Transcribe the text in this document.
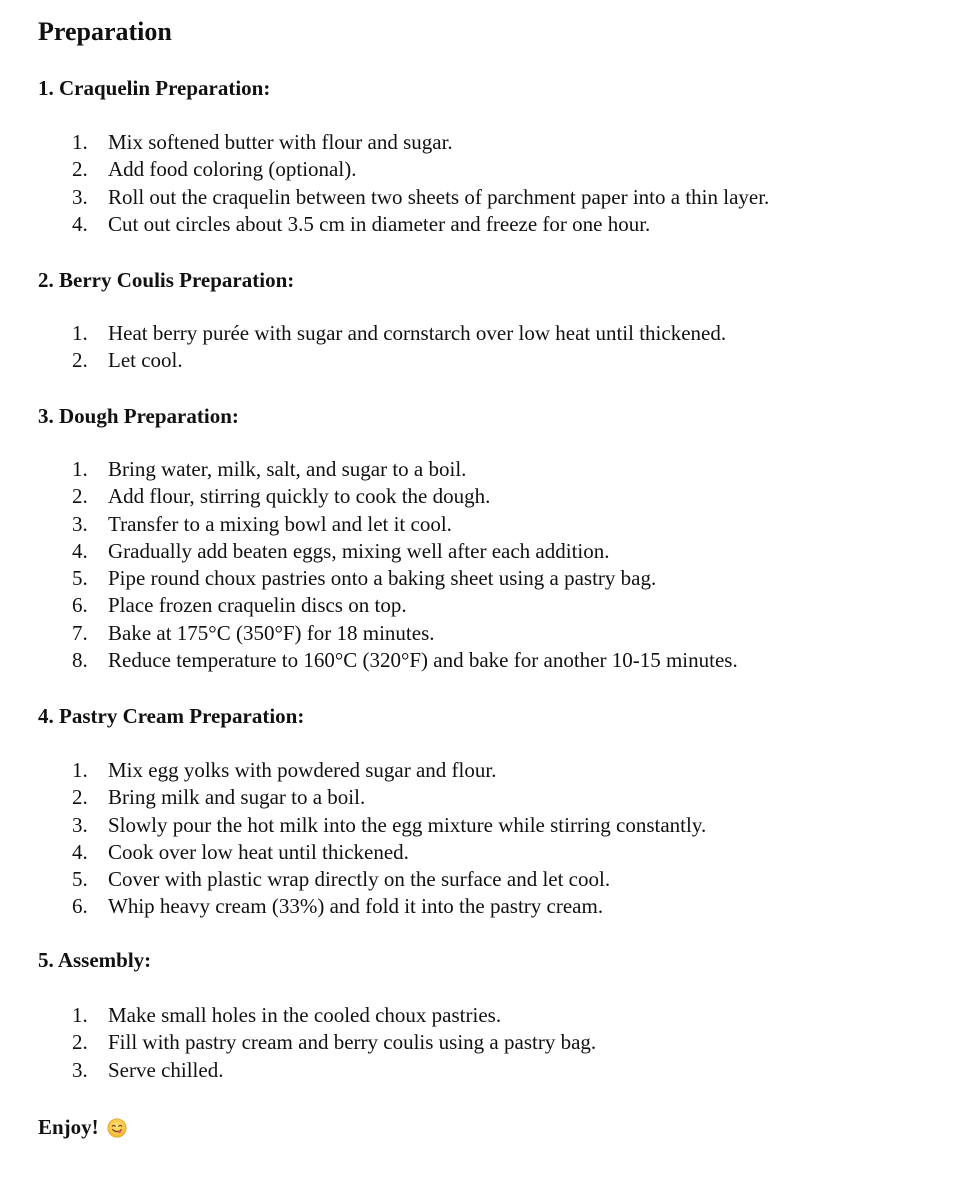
Preparation
1. Craquelin Preparation:
1. Mix softened butter with flour and sugar.
2. Add food coloring (optional).
3. Roll out the craquelin between two sheets of parchment paper into a thin layer.
4. Cut out circles about 3.5 cm in diameter and freeze for one hour.
2. Berry Coulis Preparation:
1. Heat berry purée with sugar and cornstarch over low heat until thickened.
2. Let cool.
3. Dough Preparation:
1. Bring water, milk, salt, and sugar to a boil.
2. Add flour, stirring quickly to cook the dough.
3. Transfer to a mixing bowl and let it cool.
4. Gradually add beaten eggs, mixing well after each addition.
5. Pipe round choux pastries onto a baking sheet using a pastry bag.
6. Place frozen craquelin discs on top.
7. Bake at 175°C (350°F) for 18 minutes.
8. Reduce temperature to 160°C (320°F) and bake for another 10-15 minutes.
4. Pastry Cream Preparation:
1. Mix egg yolks with powdered sugar and flour.
2. Bring milk and sugar to a boil.
3. Slowly pour the hot milk into the egg mixture while stirring constantly.
4. Cook over low heat until thickened.
5. Cover with plastic wrap directly on the surface and let cool.
6. Whip heavy cream (33%) and fold it into the pastry cream.
5. Assembly:
1. Make small holes in the cooled choux pastries.
2. Fill with pastry cream and berry coulis using a pastry bag.
3. Serve chilled.

Enjoy!
